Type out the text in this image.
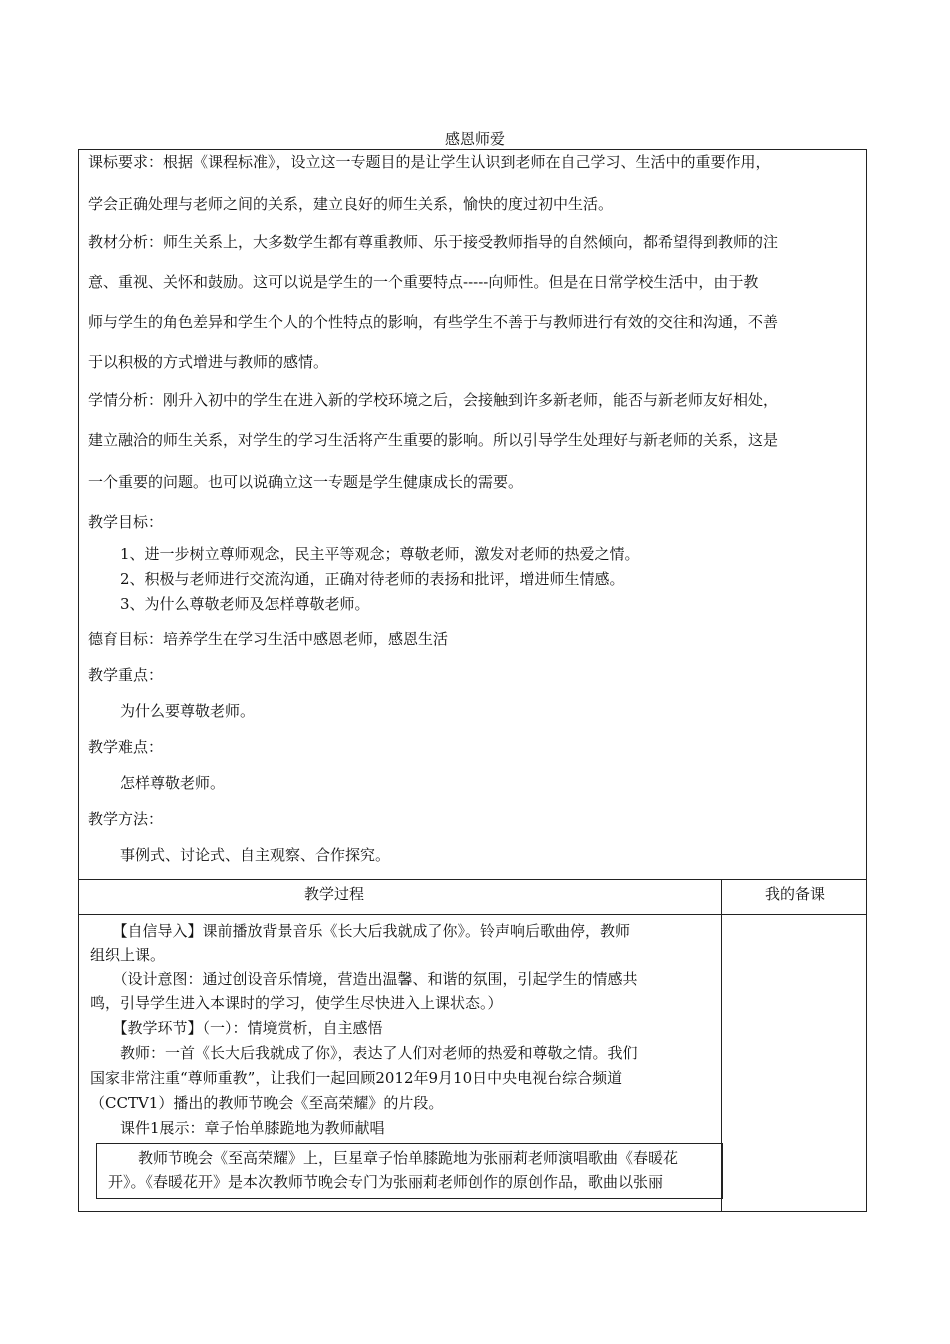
感恩师爱
课标要求：根据《课程标准》，设立这一专题目的是让学生认识到老师在自己学习、生活中的重要作用，
学会正确处理与老师之间的关系，建立良好的师生关系，愉快的度过初中生活。
教材分析：师生关系上，大多数学生都有尊重教师、乐于接受教师指导的自然倾向，都希望得到教师的注
意、重视、关怀和鼓励。这可以说是学生的一个重要特点-----向师性。但是在日常学校生活中，由于教
师与学生的角色差异和学生个人的个性特点的影响，有些学生不善于与教师进行有效的交往和沟通，不善
于以积极的方式增进与教师的感情。
学情分析：刚升入初中的学生在进入新的学校环境之后，会接触到许多新老师，能否与新老师友好相处，
建立融洽的师生关系，对学生的学习生活将产生重要的影响。所以引导学生处理好与新老师的关系，这是
一个重要的问题。也可以说确立这一专题是学生健康成长的需要。
教学目标：
1、进一步树立尊师观念，民主平等观念；尊敬老师，激发对老师的热爱之情。
2、积极与老师进行交流沟通，正确对待老师的表扬和批评，增进师生情感。
3、为什么尊敬老师及怎样尊敬老师。
德育目标：培养学生在学习生活中感恩老师，感恩生活
教学重点：
为什么要尊敬老师。
教学难点：
怎样尊敬老师。
教学方法：
事例式、讨论式、自主观察、合作探究。
教学过程	我的备课
　　【自信导入】课前播放背景音乐《长大后我就成了你》。铃声响后歌曲停，教师
组织上课。
　　（设计意图：通过创设音乐情境，营造出温馨、和谐的氛围，引起学生的情感共
鸣，引导学生进入本课时的学习，使学生尽快进入上课状态。）
　　【教学环节】（一）：情境赏析，自主感悟
　　教师：一首《长大后我就成了你》，表达了人们对老师的热爱和尊敬之情。我们
国家非常注重“尊师重教”，让我们一起回顾2012年9月10日中央电视台综合频道
（CCTV1）播出的教师节晚会《至高荣耀》的片段。
　　课件1展示：章子怡单膝跪地为教师献唱
　　教师节晚会《至高荣耀》上，巨星章子怡单膝跪地为张丽莉老师演唱歌曲《春暖花
开》。《春暖花开》是本次教师节晚会专门为张丽莉老师创作的原创作品，歌曲以张丽
